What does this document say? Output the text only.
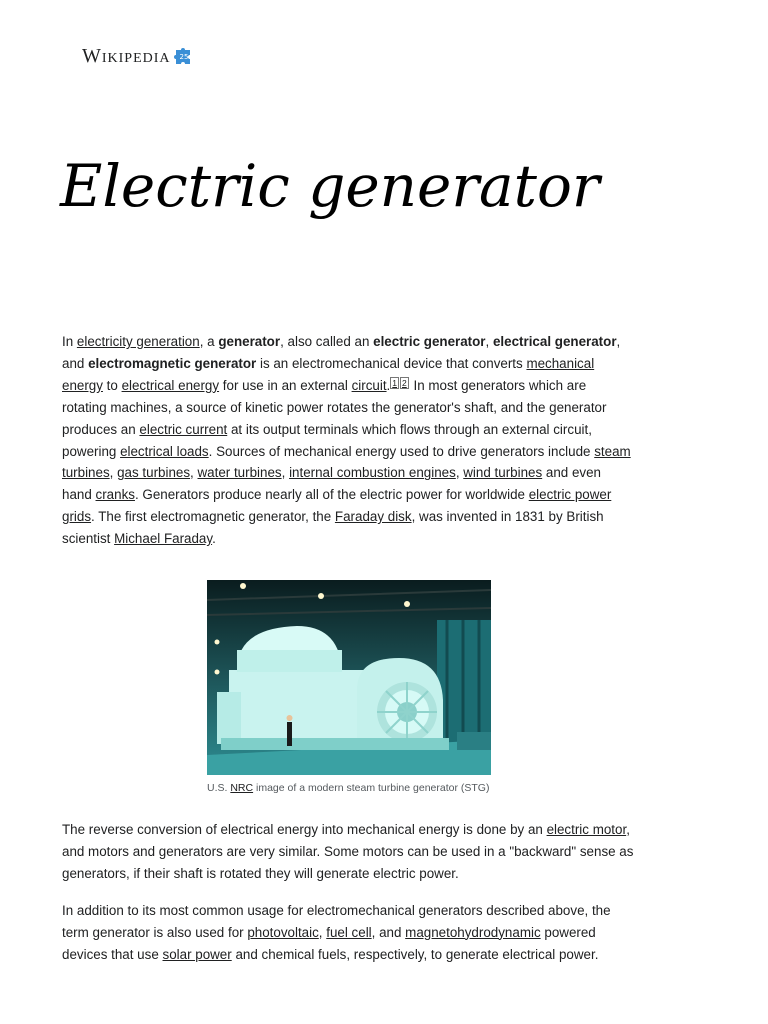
Wikipedia 25
Electric generator

In electricity generation, a generator, also called an electric generator, electrical generator, and electromagnetic generator is an electromechanical device that converts mechanical energy to electrical energy for use in an external circuit. $^{1 2}$ In most generators which are rotating machines, a source of kinetic power rotates the generator's shaft, and the generator produces an electric current at its output terminals which flows through an external circuit, powering electrical loads. Sources of mechanical energy used to drive generators include steam turbines, gas turbines, water turbines, internal combustion engines, wind turbines and even hand cranks. Generators produce nearly all of the electric power for worldwide electric power grids. The first electromagnetic generator, the Faraday disk, was invented in 1831 by British scientist Michael Faraday.

U.S. NRC image of a modern steam turbine generator (STG)

The reverse conversion of electrical energy into mechanical energy is done by an electric motor, and motors and generators are very similar. Some motors can be used in a "backward" sense as generators, if their shaft is rotated they will generate electric power.

In addition to its most common usage for electromechanical generators described above, the term generator is also used for photovoltaic, fuel cell, and magnetohydrodynamic powered devices that use solar power and chemical fuels, respectively, to generate electrical power.
